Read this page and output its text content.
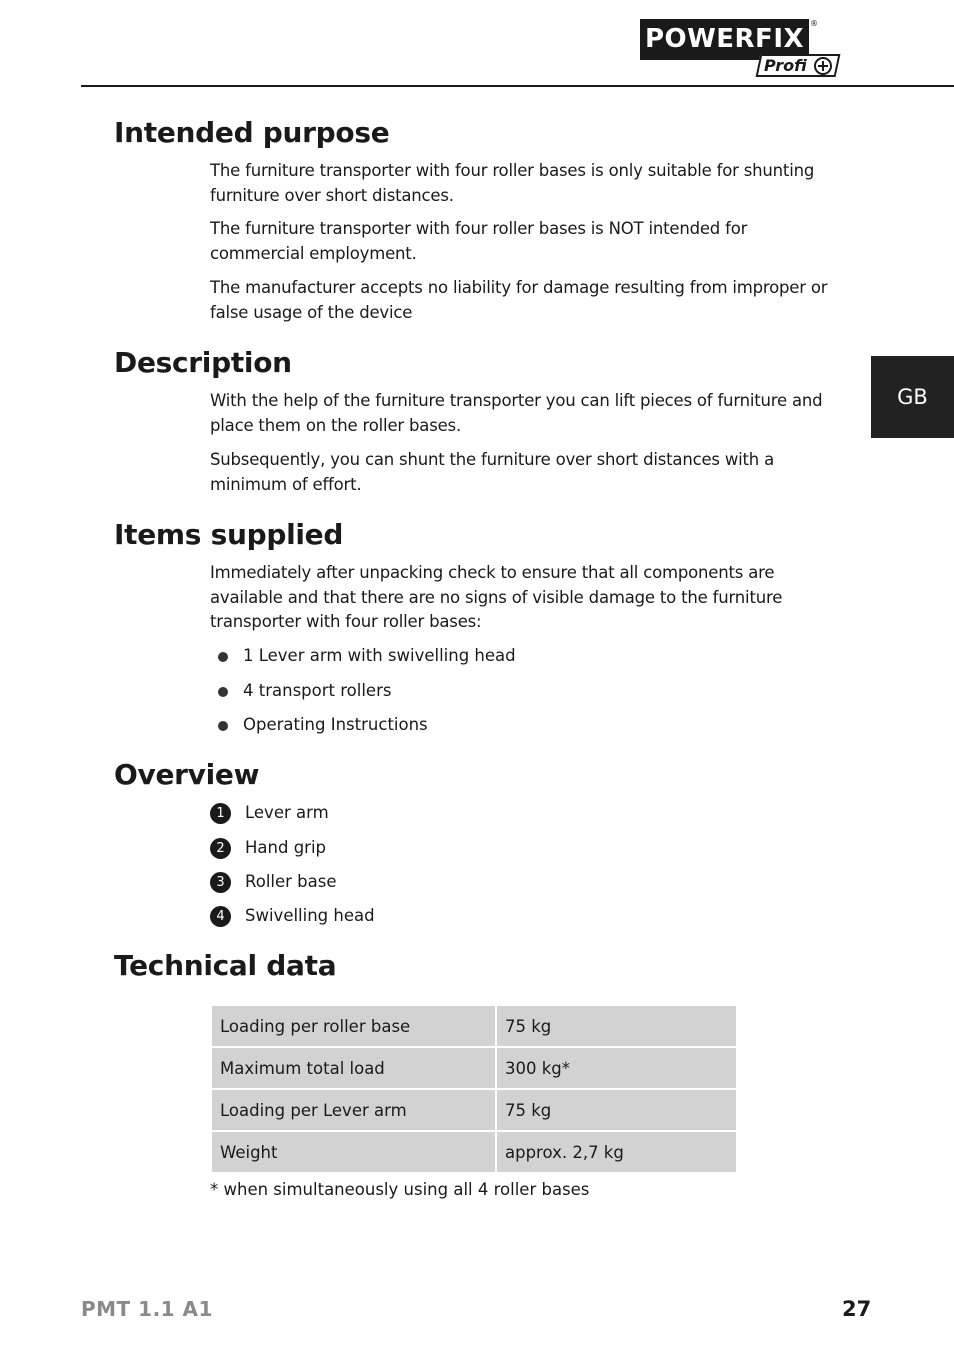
POWERFIX
®
Profi
GB
Intended purpose

The furniture transporter with four roller bases is only suitable for shunting furniture over short distances.

The furniture transporter with four roller bases is NOT intended for commercial employment.

The manufacturer accepts no liability for damage resulting from improper or false usage of the device

Description

With the help of the furniture transporter you can lift pieces of furniture and place them on the roller bases.

Subsequently, you can shunt the furniture over short distances with a minimum of effort.

Items supplied

Immediately after unpacking check to ensure that all components are available and that there are no signs of visible damage to the furniture transporter with four roller bases:

1 Lever arm with swivelling head
4 transport rollers
Operating Instructions
Overview
1	Lever arm
2	Hand grip
3	Roller base
4	Swivelling head
Technical data
Loading per roller base	75 kg
Maximum total load	300 kg*
Loading per Lever arm	75 kg
Weight	approx. 2,7 kg
* when simultaneously using all 4 roller bases
PMT 1.1 A1	27
